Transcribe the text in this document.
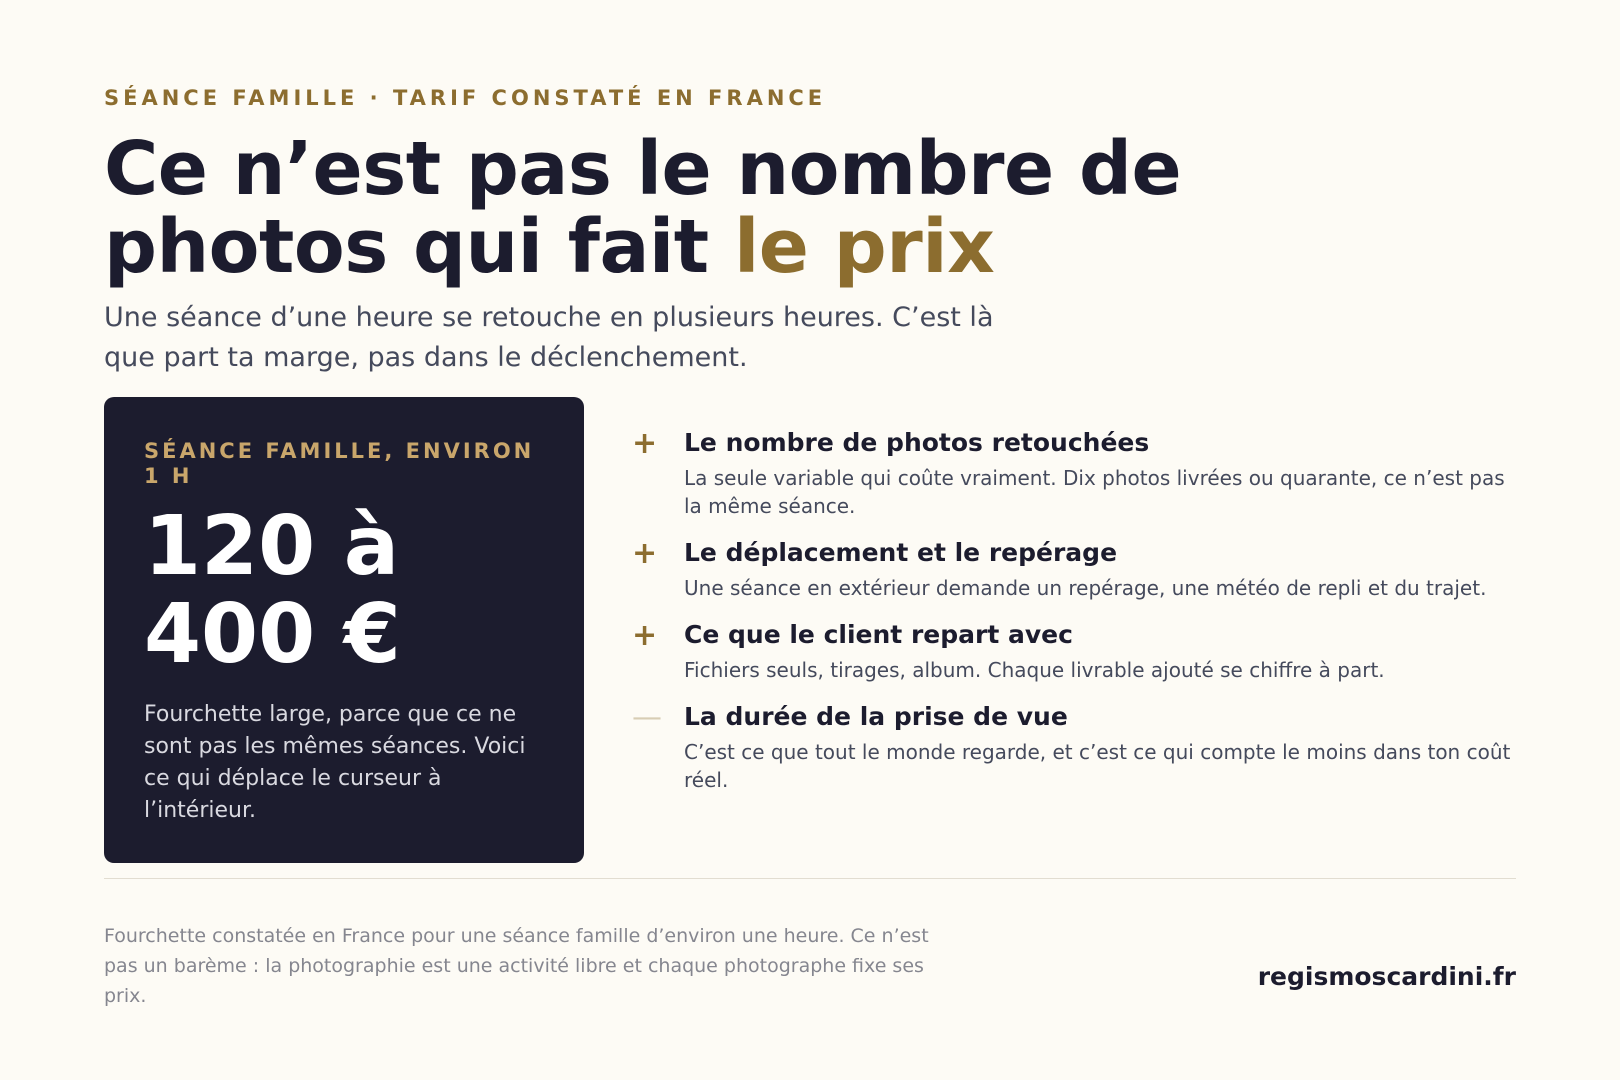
SÉANCE FAMILLE · TARIF CONSTATÉ EN FRANCE

Ce n’est pas le nombre de
photos qui fait le prix

Une séance d’une heure se retouche en plusieurs heures. C’est là que part ta marge, pas dans le déclenchement.

SÉANCE FAMILLE, ENVIRON 1 H
120 à
400 €
Fourchette large, parce que ce ne sont pas les mêmes séances. Voici ce qui déplace le curseur à l’intérieur.
+ Le nombre de photos retouchées
La seule variable qui coûte vraiment. Dix photos livrées ou quarante, ce n’est pas la même séance.
+ Le déplacement et le repérage
Une séance en extérieur demande un repérage, une météo de repli et du trajet.
+ Ce que le client repart avec
Fichiers seuls, tirages, album. Chaque livrable ajouté se chiffre à part.
— La durée de la prise de vue
C’est ce que tout le monde regarde, et c’est ce qui compte le moins dans ton coût réel.

Fourchette constatée en France pour une séance famille d’environ une heure. Ce n’est pas un barème : la photographie est une activité libre et chaque photographe fixe ses prix.

regismoscardini.fr
